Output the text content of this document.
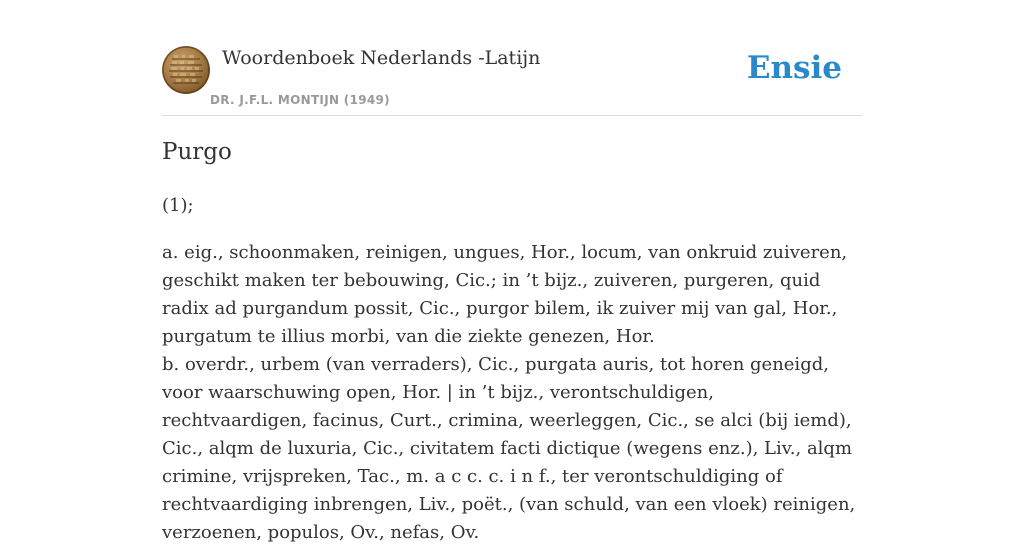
Woordenboek Nederlands -Latijn
DR. J.F.L. MONTIJN (1949)
Ensie
Purgo

(1);

a. eig., schoonmaken, reinigen, ungues, Hor., locum, van onkruid zuiveren, geschikt maken ter bebouwing, Cic.; in ’t bijz., zuiveren, purgeren, quid radix ad purgandum possit, Cic., purgor bilem, ik zuiver mij van gal, Hor., purgatum te illius morbi, van die ziekte genezen, Hor.

b. overdr., urbem (van verraders), Cic., purgata auris, tot horen geneigd, voor waarschuwing open, Hor. | in ’t bijz., verontschuldigen, rechtvaardigen, facinus, Curt., crimina, weerleggen, Cic., se alci (bij iemd), Cic., alqm de luxuria, Cic., civitatem facti dictique (wegens enz.), Liv., alqm crimine, vrijspreken, Tac., m. a c c. c. i n f., ter verontschuldiging of rechtvaardiging inbrengen, Liv., poët., (van schuld, van een vloek) reinigen, verzoenen, populos, Ov., nefas, Ov.
